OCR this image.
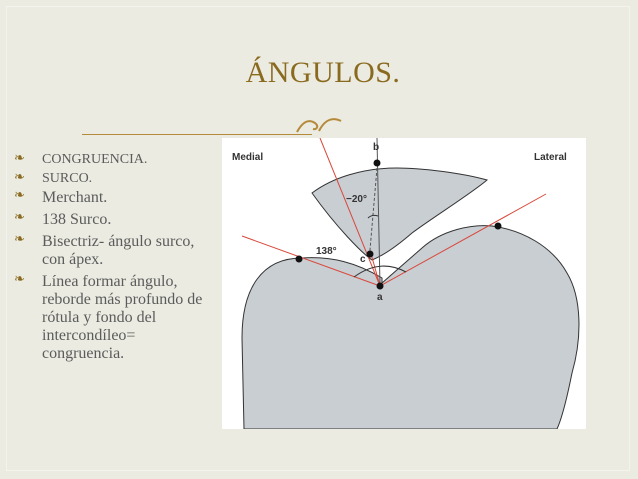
ÁNGULOS.
❧ CONGRUENCIA.
❧ SURCO.
❧ Merchant.
❧ 138 Surco.
❧ Bisectriz- ángulo surco, con ápex.
❧ Línea formar ángulo, reborde más profundo de rótula y fondo del intercondíleo= congruencia.
Medial	Lateral
b
c
a
−20°
138°
